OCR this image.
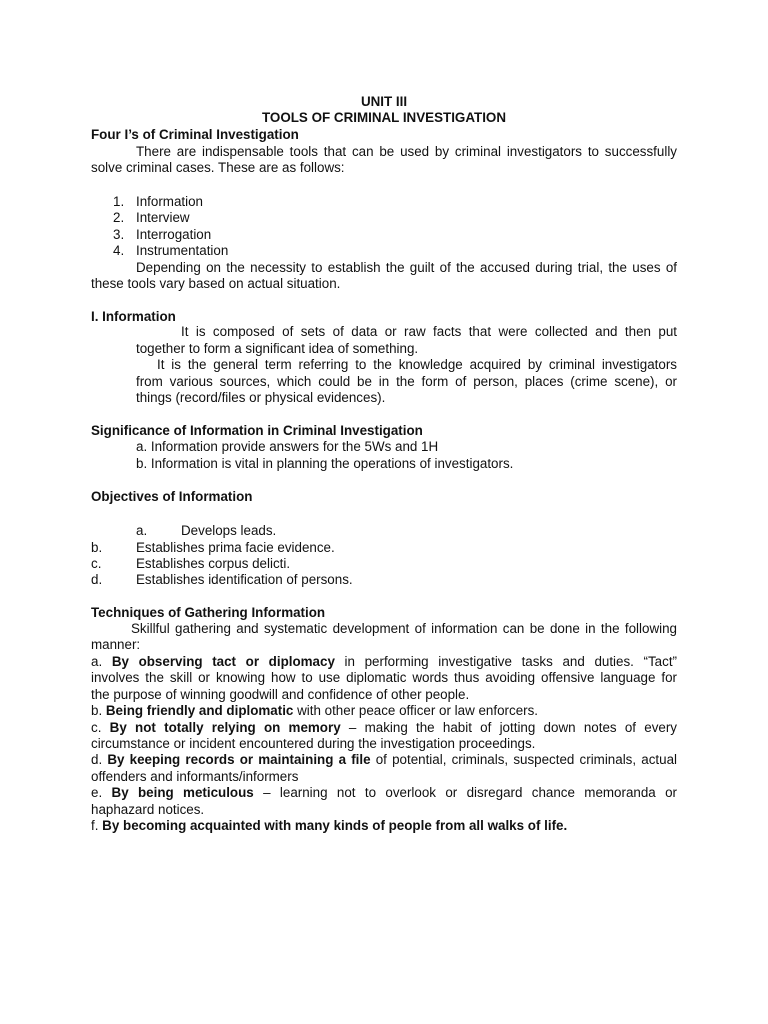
UNIT III
TOOLS OF CRIMINAL INVESTIGATION
Four I’s of Criminal Investigation
There are indispensable tools that can be used by criminal investigators to successfully
solve criminal cases. These are as follows:
1. Information
2. Interview
3. Interrogation
4. Instrumentation
Depending on the necessity to establish the guilt of the accused during trial, the uses of
these tools vary based on actual situation.
I. Information
It is composed of sets of data or raw facts that were collected and then put
together to form a significant idea of something.
It is the general term referring to the knowledge acquired by criminal investigators
from various sources, which could be in the form of person, places (crime scene), or
things (record/files or physical evidences).
Significance of Information in Criminal Investigation
a. Information provide answers for the 5Ws and 1H
b. Information is vital in planning the operations of investigators.
Objectives of Information
a.	Develops leads.
b.	Establishes prima facie evidence.
c.	Establishes corpus delicti.
d.	Establishes identification of persons.
Techniques of Gathering Information
Skillful gathering and systematic development of information can be done in the following
manner:
a. By observing tact or diplomacy in performing investigative tasks and duties. “Tact”
involves the skill or knowing how to use diplomatic words thus avoiding offensive language for
the purpose of winning goodwill and confidence of other people.
b. Being friendly and diplomatic with other peace officer or law enforcers.
c. By not totally relying on memory – making the habit of jotting down notes of every
circumstance or incident encountered during the investigation proceedings.
d. By keeping records or maintaining a file of potential, criminals, suspected criminals, actual
offenders and informants/informers
e. By being meticulous – learning not to overlook or disregard chance memoranda or
haphazard notices.
f. By becoming acquainted with many kinds of people from all walks of life.
